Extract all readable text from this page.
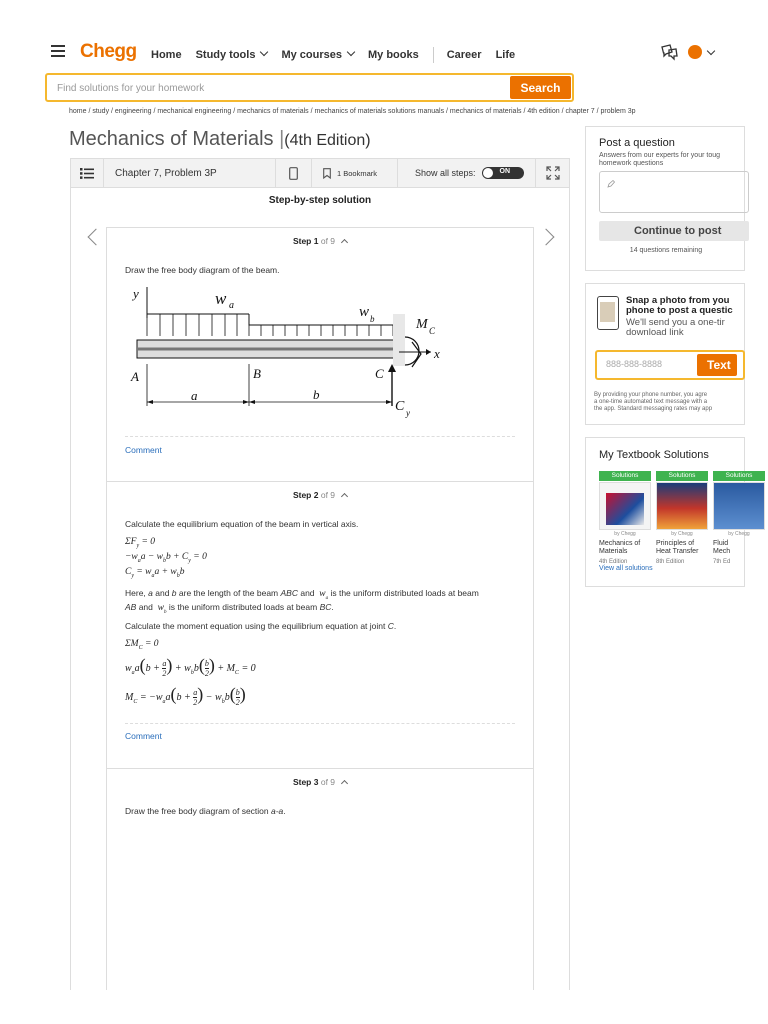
Chegg Home Study tools	My courses	My books	Career Life
Find solutions for your homework
Search
home / study / engineering / mechanical engineering / mechanics of materials / mechanics of materials solutions manuals / mechanics of materials / 4th edition / chapter 7 / problem 3p
Mechanics of Materials |(4th Edition)
Chapter 7, Problem 3P	1 Bookmark	Show all steps:	ON
Step-by-step solution
Step 1 of 9
Draw the free body diagram of the beam.
y	w a	w b	M C
x
A	B	C
a	b
C y
Comment
Step 2 of 9
Calculate the equilibrium equation of the beam in vertical axis.
$\Sigma F_y = 0$
$-w_aa - w_bb + C_y = 0$
$C_y = w_aa + w_bb$
Here, a and b are the length of the beam ABC and  $w_a$ is the uniform distributed loads at beam
AB and  $w_b$ is the uniform distributed loads at beam BC.
Calculate the moment equation using the equilibrium equation at joint C.
$\Sigma M_C = 0$
$w_aa(b + \frac{a}{2}$ ) + $w_bb( \frac{b}{2}$ ) + $M_C = 0$
$M_C = -w_aa(b + \frac{a}{2}$ ) − $w_bb( \frac{b}{2}$ )
Comment
Step 3 of 9
Draw the free body diagram of section a-a.
Post a question
Answers from our experts for your toug
homework questions
Continue to post
14 questions remaining
Snap a photo from you
phone to post a questic
We'll send you a one-tir
download link
888-888-8888	Text
By providing your phone number, you agre
a one-time automated text message with a
the app. Standard messaging rates may app
My Textbook Solutions
Solutions
by Chegg
Mechanics of
Materials
4th Edition
Solutions
by Chegg
Principles of
Heat Transfer
8th Edition
Solutions
by Chegg
Fluid
Mech
7th Ed
View all solutions
